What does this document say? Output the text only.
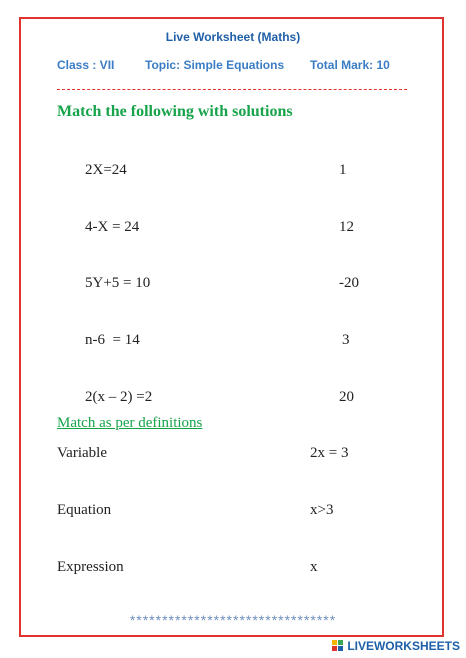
Live Worksheet (Maths)
Class : VII	Topic: Simple Equations Total Mark: 10
Match the following with solutions
2X=24
4-X = 24
5Y+5 = 10
n-6  = 14
2(x – 2) =2
1
12
-20
3
20
Match as per definitions
Variable
Equation
Expression
2x = 3
x>3
x
********************************
LIVEWORKSHEETS
